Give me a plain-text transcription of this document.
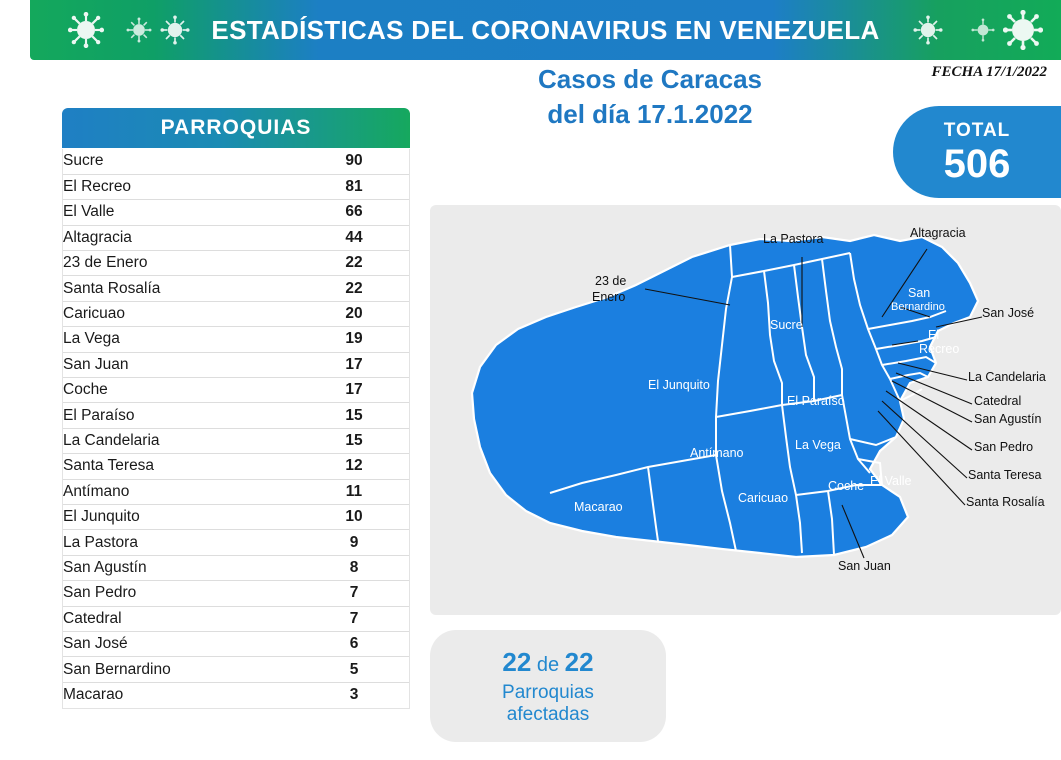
ESTADÍSTICAS DEL CORONAVIRUS EN VENEZUELA
Casos de Caracas
del día 17.1.2022
FECHA 17/1/2022
TOTAL
506
PARROQUIAS
Sucre	90
El Recreo	81
El Valle	66
Altagracia	44
23 de Enero	22
Santa Rosalía	22
Caricuao	20
La Vega	19
San Juan	17
Coche	17
El Paraíso	15
La Candelaria	15
Santa Teresa	12
Antímano	11
El Junquito	10
La Pastora	9
San Agustín	8
San Pedro	7
Catedral	7
San José	6
San Bernardino	5
Macarao	3
La Pastora	Altagracia
23 de
Enero	San
Bernardino	San José
El
Recreo
La Candelaria
Catedral
San Agustín
San Pedro
Santa Teresa
Santa Rosalía
San Juan
Sucre
El Junquito
El Paraíso
La Vega
Antímano
Macarao
Caricuao
Coche El Valle
22 de 22
Parroquias
afectadas
